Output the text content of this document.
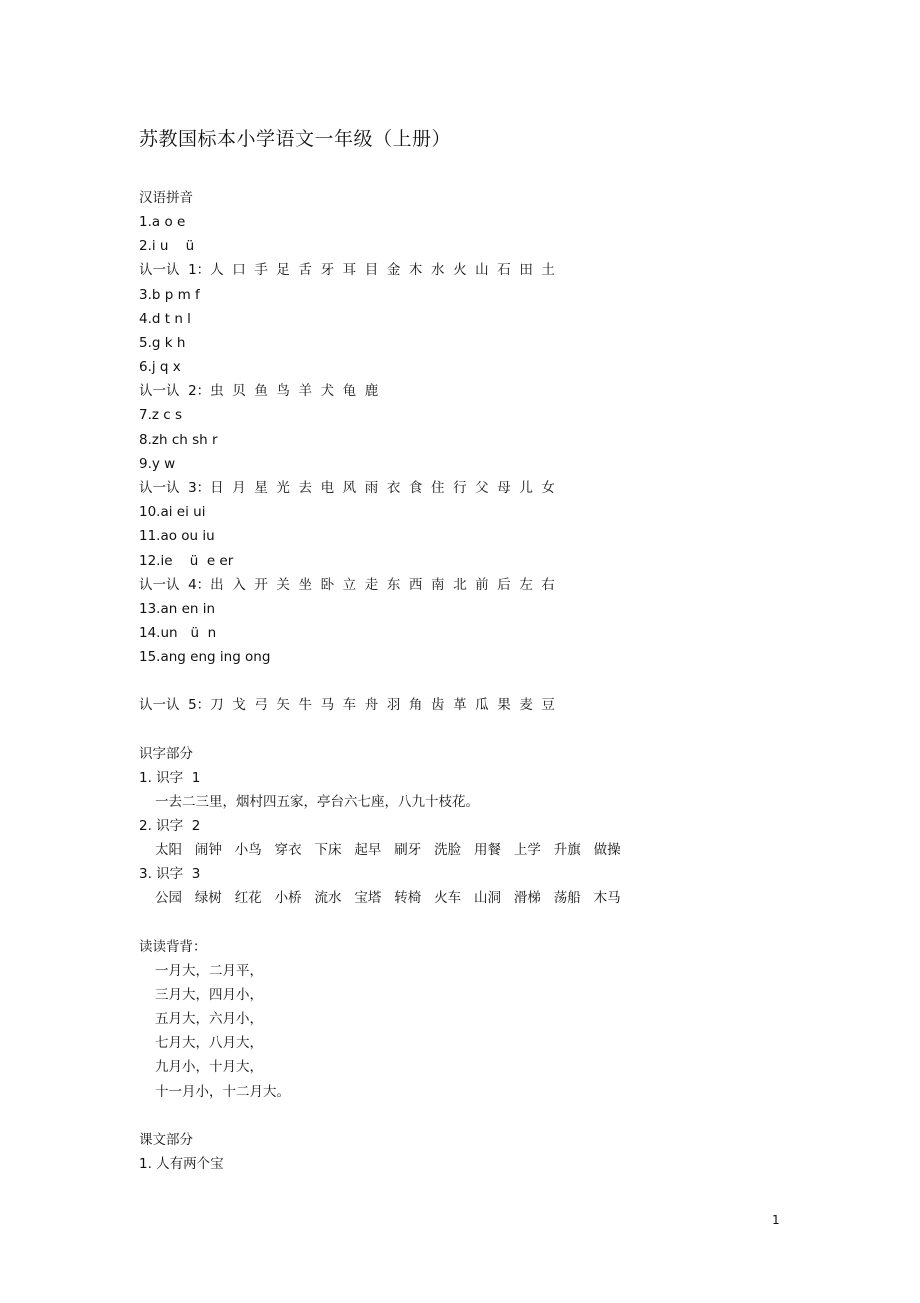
苏教国标本小学语文一年级（上册）
汉语拼音
1.a o e
2.i u    ü
认一认  1：人  口  手  足  舌  牙  耳  目  金  木  水  火  山  石  田  土
3.b p m f
4.d t n l
5.g k h
6.j q x
认一认  2：虫  贝  鱼  鸟  羊  犬  龟  鹿
7.z c s
8.zh ch sh r
9.y w
认一认  3：日  月  星  光  去  电  风  雨  衣  食  住  行  父  母  儿  女
10.ai ei ui
11.ao ou iu
12.ie    ü  e er
认一认  4：出  入  开  关  坐  卧  立  走  东  西  南  北  前  后  左  右
13.an en in
14.un   ü  n
15.ang eng ing ong
认一认  5：刀  戈  弓  矢  牛  马  车  舟  羽  角  齿  革  瓜  果  麦  豆
识字部分
1. 识字  1
一去二三里，烟村四五家，亭台六七座，八九十枝花。
2. 识字  2
太阳   闹钟   小鸟   穿衣   下床   起早   刷牙   洗脸   用餐   上学   升旗   做操
3. 识字  3
公园   绿树   红花   小桥   流水   宝塔   转椅   火车   山洞   滑梯   荡船   木马
读读背背：
一月大，二月平，
三月大，四月小，
五月大，六月小，
七月大，八月大，
九月小，十月大，
十一月小，十二月大。
课文部分
1. 人有两个宝
1
